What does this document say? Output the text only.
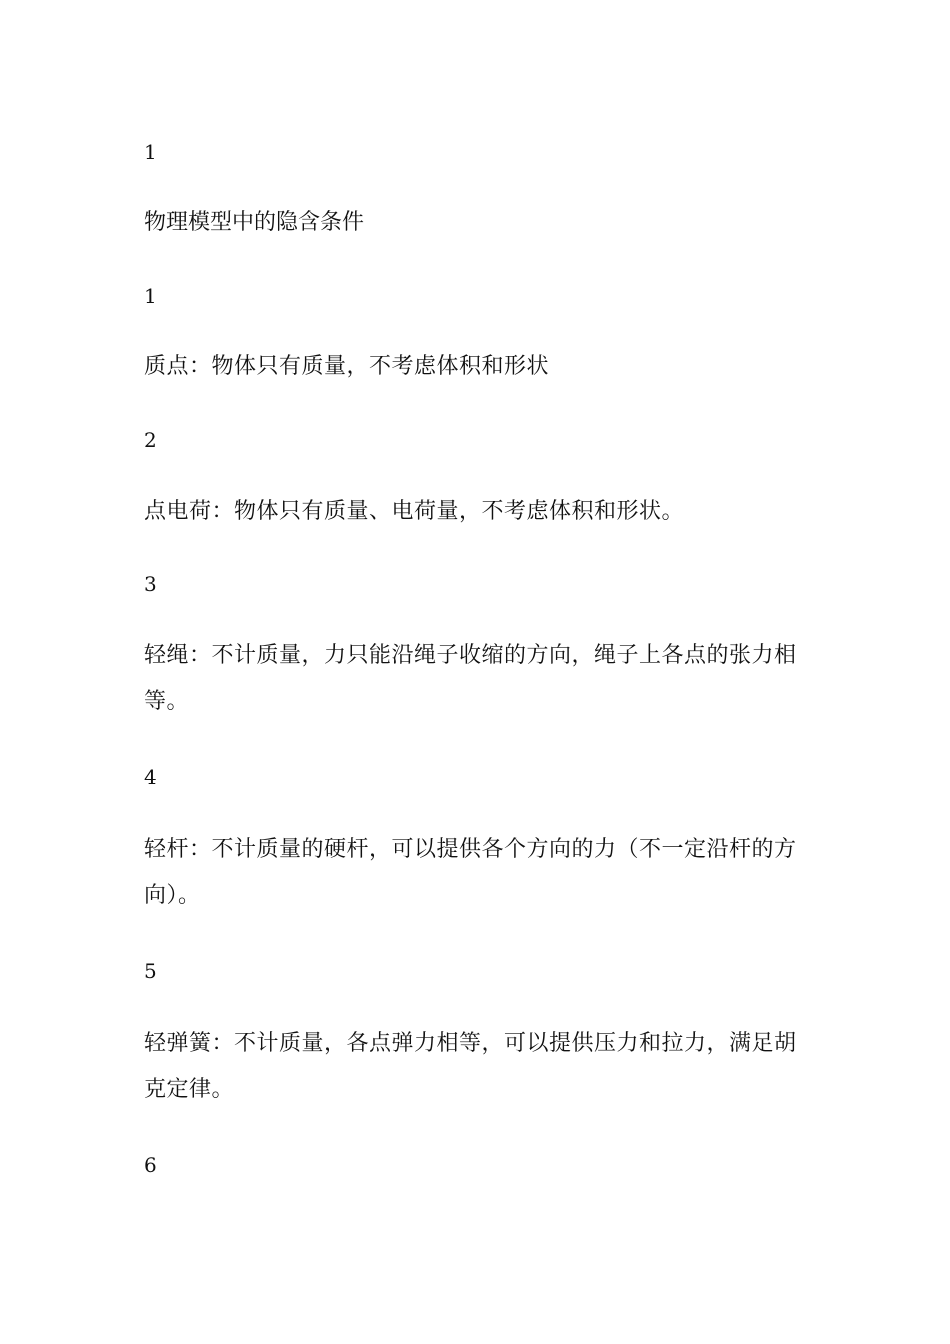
1
物理模型中的隐含条件
1
质点：物体只有质量，不考虑体积和形状
2
点电荷：物体只有质量、电荷量，不考虑体积和形状。
3
轻绳：不计质量，力只能沿绳子收缩的方向，绳子上各点的张力相等。
4
轻杆：不计质量的硬杆，可以提供各个方向的力（不一定沿杆的方向）。
5
轻弹簧：不计质量，各点弹力相等，可以提供压力和拉力，满足胡克定律。
6
